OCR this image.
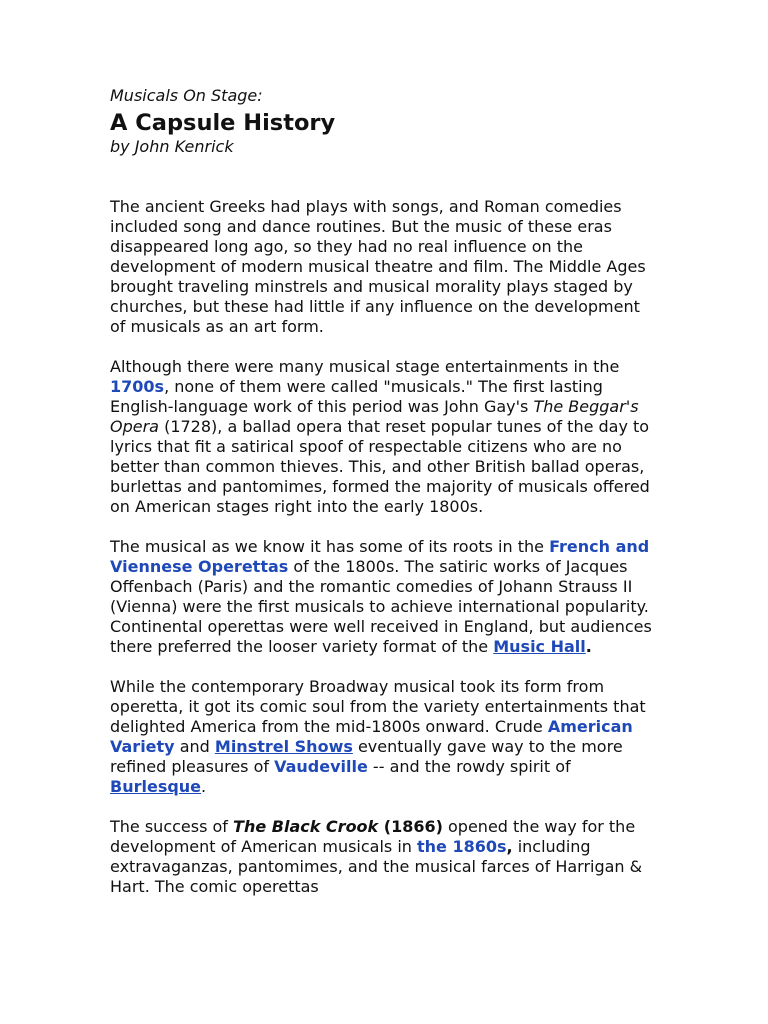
Musicals On Stage:

A Capsule History

by John Kenrick

The ancient Greeks had plays with songs, and Roman comedies included song and dance routines. But the music of these eras disappeared long ago, so they had no real influence on the development of modern musical theatre and film. The Middle Ages brought traveling minstrels and musical morality plays staged by churches, but these had little if any influence on the development of musicals as an art form.

Although there were many musical stage entertainments in the 1700s, none of them were called "musicals." The first lasting English-language work of this period was John Gay's The Beggar's Opera (1728), a ballad opera that reset popular tunes of the day to lyrics that fit a satirical spoof of respectable citizens who are no better than common thieves. This, and other British ballad operas, burlettas and pantomimes, formed the majority of musicals offered on American stages right into the early 1800s.

The musical as we know it has some of its roots in the French and Viennese Operettas of the 1800s. The satiric works of Jacques Offenbach (Paris) and the romantic comedies of Johann Strauss II (Vienna) were the first musicals to achieve international popularity. Continental operettas were well received in England, but audiences there preferred the looser variety format of the Music Hall.

While the contemporary Broadway musical took its form from operetta, it got its comic soul from the variety entertainments that delighted America from the mid-1800s onward. Crude American Variety and Minstrel Shows eventually gave way to the more refined pleasures of Vaudeville -- and the rowdy spirit of Burlesque.

The success of The Black Crook (1866) opened the way for the development of American musicals in the 1860s, including extravaganzas, pantomimes, and the musical farces of Harrigan & Hart. The comic operettas
